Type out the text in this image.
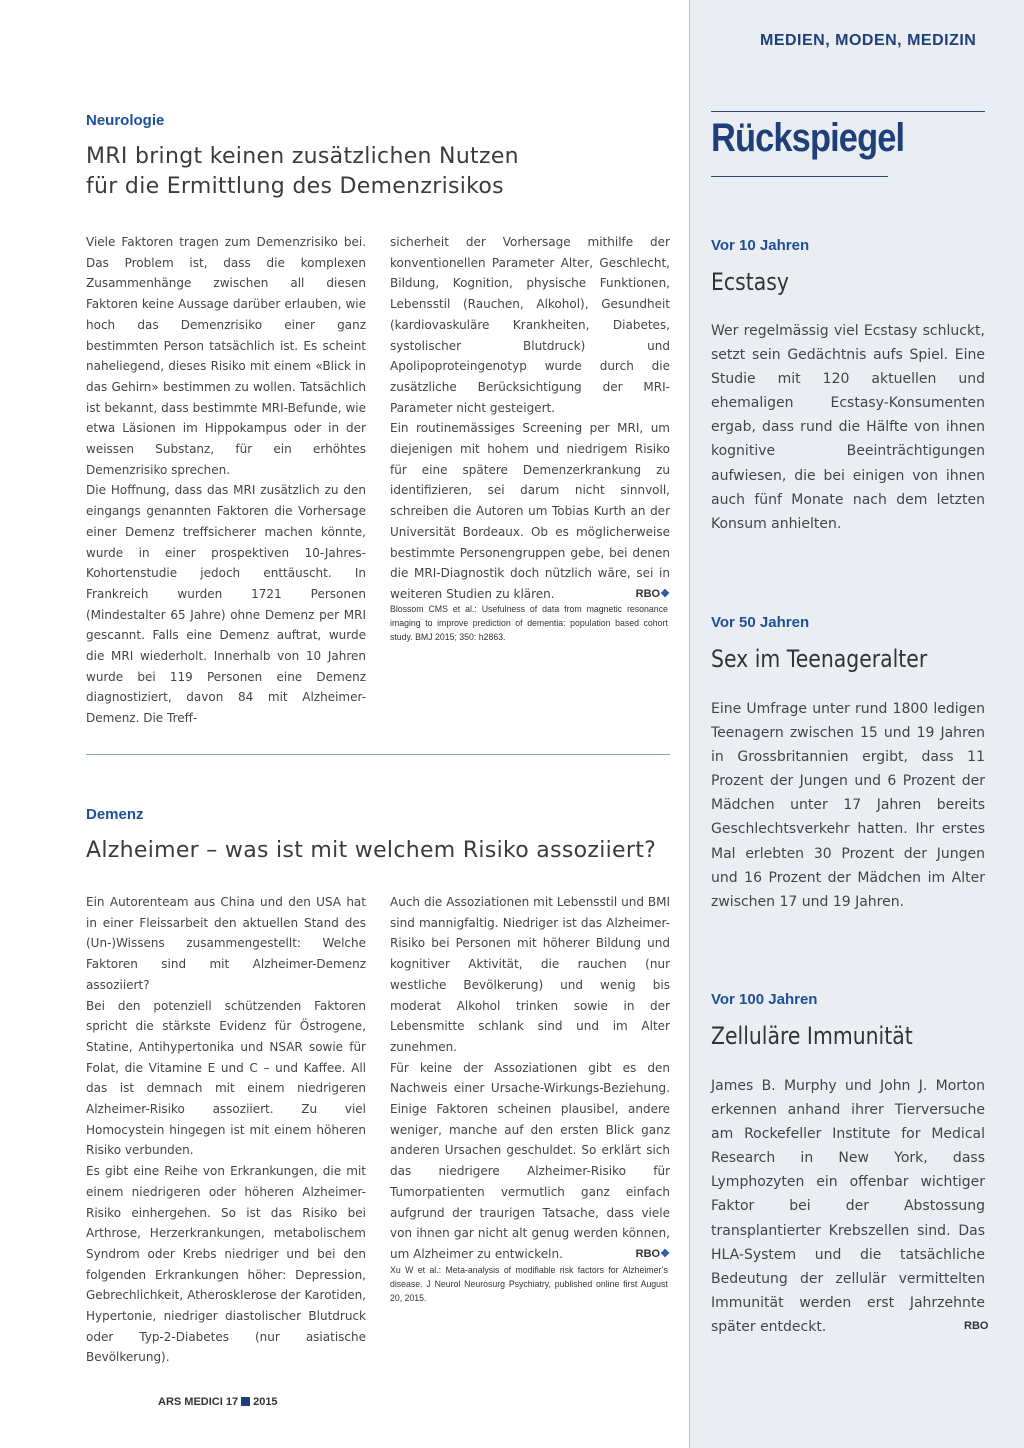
MEDIEN, MODEN, MEDIZIN
Neurologie
MRI bringt keinen zusätzlichen Nutzen
für die Ermittlung des Demenzrisikos

Viele Faktoren tragen zum Demenzrisiko bei. Das Problem ist, dass die komplexen Zusammenhänge zwischen all diesen Faktoren keine Aussage darüber erlauben, wie hoch das Demenzrisiko einer ganz bestimmten Person tatsächlich ist. Es scheint naheliegend, dieses Risiko mit einem «Blick in das Gehirn» bestimmen zu wollen. Tatsächlich ist bekannt, dass bestimmte MRI-Befunde, wie etwa Läsionen im Hippokampus oder in der weissen Substanz, für ein erhöhtes Demenzrisiko sprechen.

Die Hoffnung, dass das MRI zusätzlich zu den eingangs genannten Faktoren die Vorhersage einer Demenz treffsicherer machen könnte, wurde in einer prospektiven 10-Jahres-Kohortenstudie jedoch enttäuscht. In Frankreich wurden 1721 Personen (Mindestalter 65 Jahre) ohne Demenz per MRI gescannt. Falls eine Demenz auftrat, wurde die MRI wiederholt. Innerhalb von 10 Jahren wurde bei 119 Personen eine Demenz diagnostiziert, davon 84 mit Alzheimer-Demenz. Die Treff-

sicherheit der Vorhersage mithilfe der konventionellen Parameter Alter, Geschlecht, Bildung, Kognition, physische Funktionen, Lebensstil (Rauchen, Alkohol), Gesundheit (kardiovaskuläre Krankheiten, Diabetes, systolischer Blutdruck) und Apolipoproteingenotyp wurde durch die zusätzliche Berücksichtigung der MRI-Parameter nicht gesteigert.

Ein routinemässiges Screening per MRI, um diejenigen mit hohem und niedrigem Risiko für eine spätere Demenzerkrankung zu identifizieren, sei darum nicht sinnvoll, schreiben die Autoren um Tobias Kurth an der Universität Bordeaux. Ob es möglicherweise bestimmte Personengruppen gebe, bei denen die MRI-Diagnostik doch nützlich wäre, sei in weiteren Studien zu klären.	RBO❖

Blossom CMS et al.: Usefulness of data from magnetic resonance imaging to improve prediction of dementia: population based cohort study. BMJ 2015; 350: h2863.
Demenz
Alzheimer – was ist mit welchem Risiko assoziiert?

Ein Autorenteam aus China und den USA hat in einer Fleissarbeit den aktuellen Stand des (Un-)Wissens zusammengestellt: Welche Faktoren sind mit Alzheimer-Demenz assoziiert?

Bei den potenziell schützenden Faktoren spricht die stärkste Evidenz für Östrogene, Statine, Antihypertonika und NSAR sowie für Folat, die Vitamine E und C – und Kaffee. All das ist demnach mit einem niedrigeren Alzheimer-Risiko assoziiert. Zu viel Homocystein hingegen ist mit einem höheren Risiko verbunden.

Es gibt eine Reihe von Erkrankungen, die mit einem niedrigeren oder höheren Alzheimer-Risiko einhergehen. So ist das Risiko bei Arthrose, Herzerkrankungen, metabolischem Syndrom oder Krebs niedriger und bei den folgenden Erkrankungen höher: Depression, Gebrechlichkeit, Atherosklerose der Karotiden, Hypertonie, niedriger diastolischer Blutdruck oder Typ-2-Diabetes (nur asiatische Bevölkerung).

Auch die Assoziationen mit Lebensstil und BMI sind mannigfaltig. Niedriger ist das Alzheimer-Risiko bei Personen mit höherer Bildung und kognitiver Aktivität, die rauchen (nur westliche Bevölkerung) und wenig bis moderat Alkohol trinken sowie in der Lebensmitte schlank sind und im Alter zunehmen.

Für keine der Assoziationen gibt es den Nachweis einer Ursache-Wirkungs-Beziehung. Einige Faktoren scheinen plausibel, andere weniger, manche auf den ersten Blick ganz anderen Ursachen geschuldet. So erklärt sich das niedrigere Alzheimer-Risiko für Tumorpatienten vermutlich ganz einfach aufgrund der traurigen Tatsache, dass viele von ihnen gar nicht alt genug werden können, um Alzheimer zu entwickeln.	RBO❖

Xu W et al.: Meta-analysis of modifiable risk factors for Alzheimer’s disease. J Neurol Neurosurg Psychiatry, published online first August 20, 2015.
Rückspiegel
Vor 10 Jahren
Ecstasy

Wer regelmässig viel Ecstasy schluckt, setzt sein Gedächtnis aufs Spiel. Eine Studie mit 120 aktuellen und ehemaligen Ecstasy-Konsumenten ergab, dass rund die Hälfte von ihnen kognitive Beeinträchtigungen aufwiesen, die bei einigen von ihnen auch fünf Monate nach dem letzten Konsum anhielten.

Vor 50 Jahren
Sex im Teenageralter

Eine Umfrage unter rund 1800 ledigen Teenagern zwischen 15 und 19 Jahren in Grossbritannien ergibt, dass 11 Prozent der Jungen und 6 Prozent der Mädchen unter 17 Jahren bereits Geschlechtsverkehr hatten. Ihr erstes Mal erlebten 30 Prozent der Jungen und 16 Prozent der Mädchen im Alter zwischen 17 und 19 Jahren.

Vor 100 Jahren
Zelluläre Immunität

James B. Murphy und John J. Morton erkennen anhand ihrer Tierversuche am Rockefeller Institute for Medical Research in New York, dass Lymphozyten ein offenbar wichtiger Faktor bei der Abstossung transplantierter Krebszellen sind. Das HLA-System und die tatsächliche Bedeutung der zellulär vermittelten Immunität werden erst Jahrzehnte später entdeckt.	RBO
ARS MEDICI 17 2015
